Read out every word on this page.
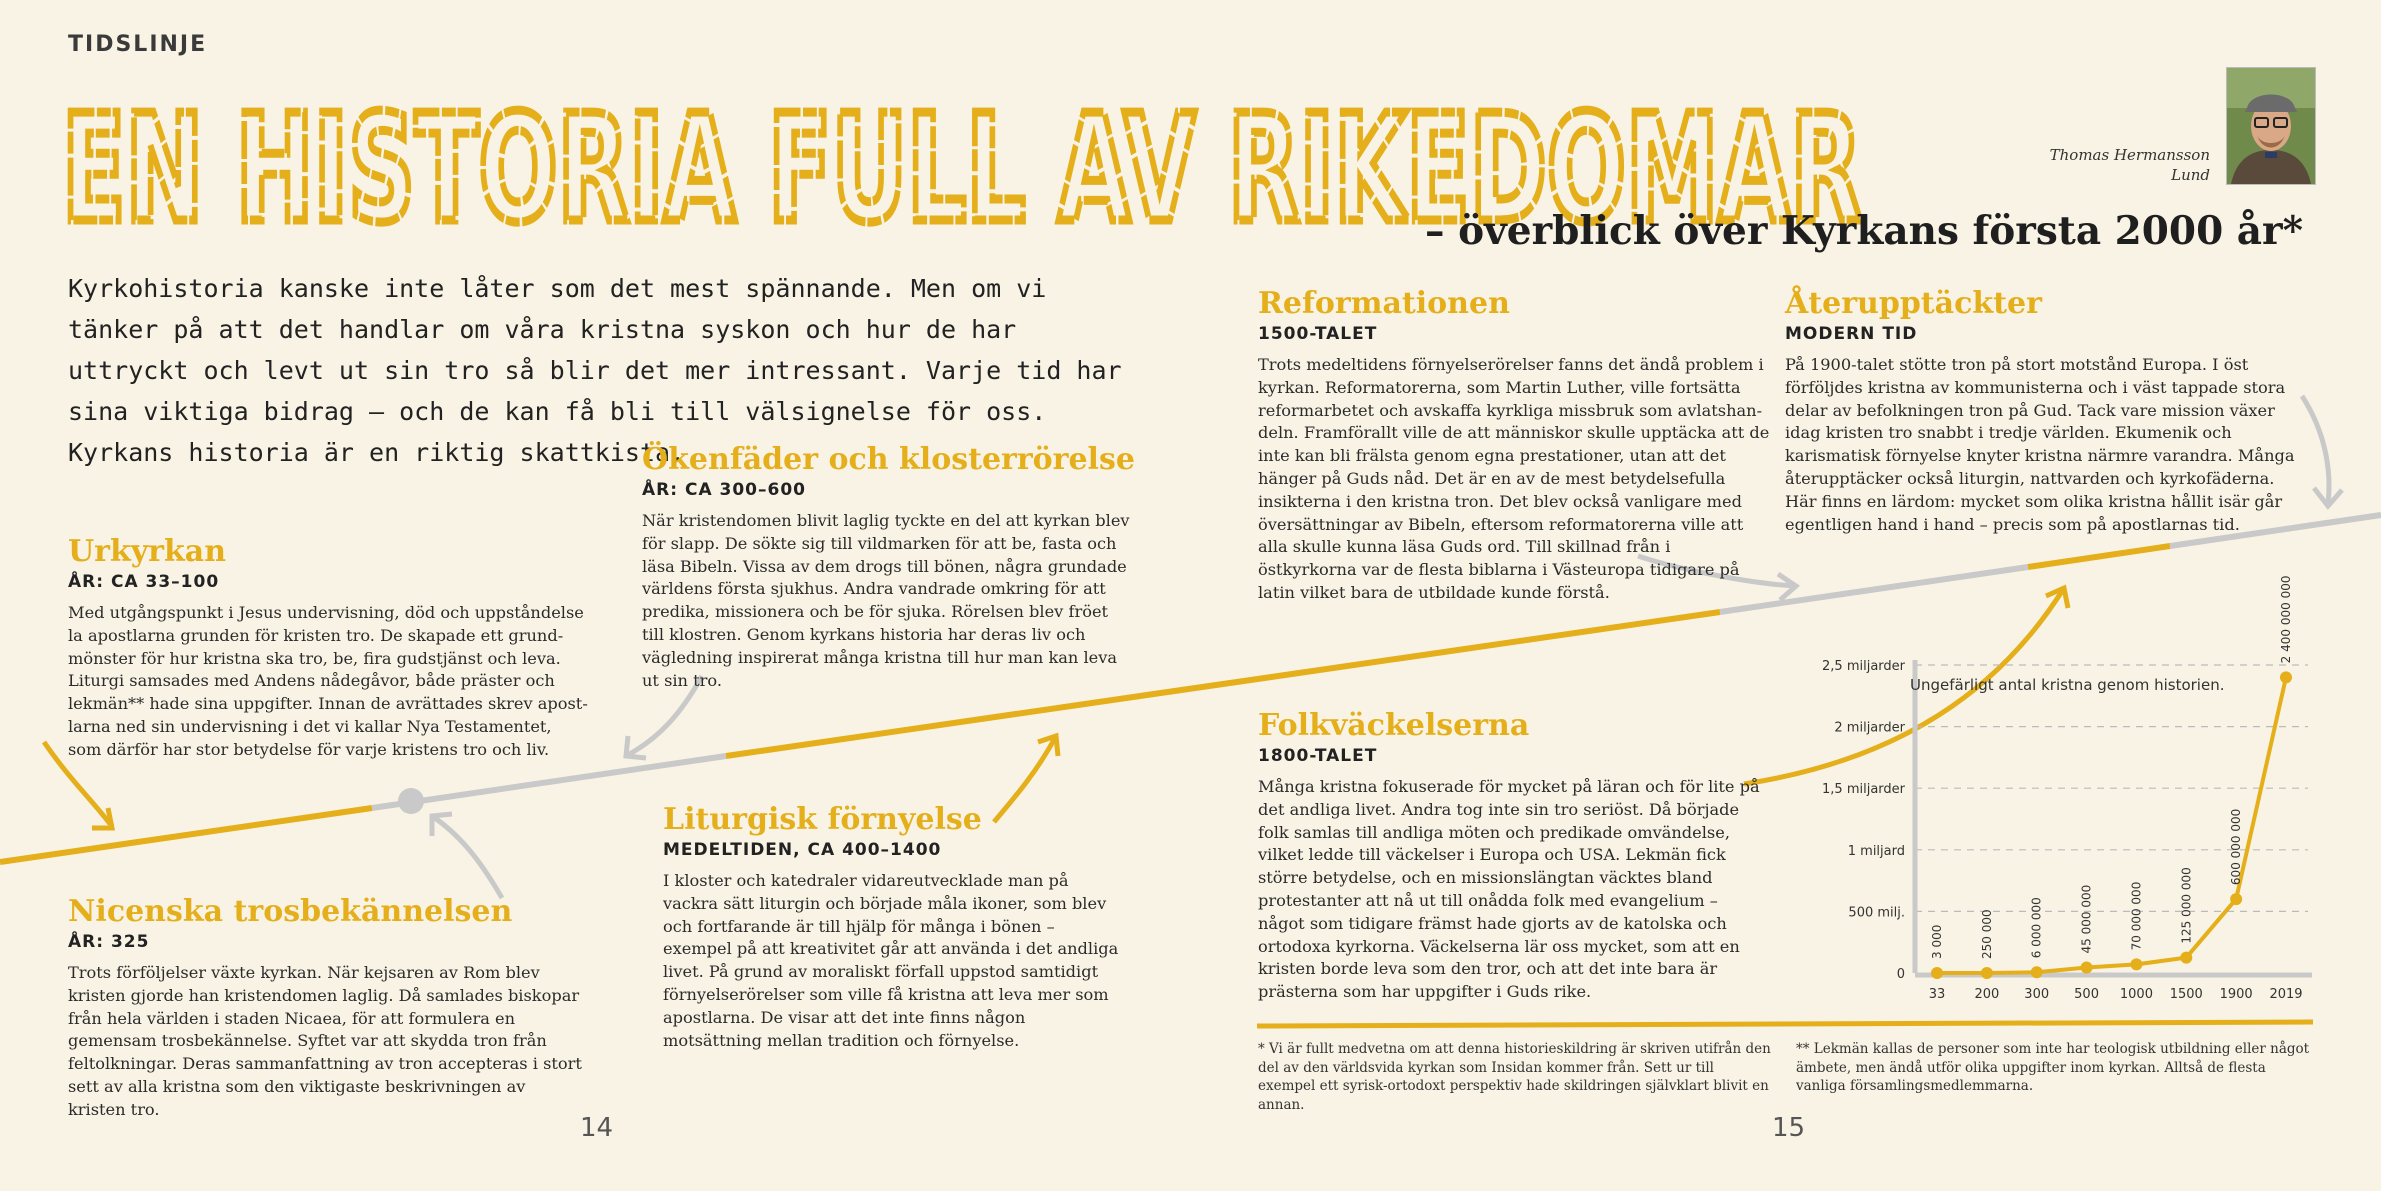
TIDSLINJE
EN HISTORIA FULL AV RIKEDOMAR
– överblick över Kyrkans första 2000 år*
Thomas Hermansson
Lund
Kyrkohistoria kanske inte låter som det mest spännande. Men om vi tänker på att det handlar om våra kristna syskon och hur de har uttryckt och levt ut sin tro så blir det mer intressant. Varje tid har sina viktiga bidrag – och de kan få bli till välsignelse för oss. Kyrkans historia är en riktig skattkista.
Urkyrkan
ÅR: CA 33–100

Med utgångspunkt i Jesus undervisning, död och uppståndelse la apostlarna grunden för kristen tro. De skapade ett grundmönster för hur kristna ska tro, be, fira gudstjänst och leva. Liturgi samsades med Andens nådegåvor, både präster och lekmän** hade sina uppgifter. Innan de avrättades skrev apostlarna ned sin undervisning i det vi kallar Nya Testamentet, som därför har stor betydelse för varje kristens tro och liv.

Nicenska trosbekännelsen
ÅR: 325

Trots förföljelser växte kyrkan. När kejsaren av Rom blev kristen gjorde han kristendomen laglig. Då samlades biskopar från hela världen i staden Nicaea, för att formulera en gemensam trosbekännelse. Syftet var att skydda tron från feltolkningar. Deras sammanfattning av tron accepteras i stort sett av alla kristna som den viktigaste beskrivningen av kristen tro.

Ökenfäder och klosterrörelse
ÅR: CA 300–600

När kristendomen blivit laglig tyckte en del att kyrkan blev för slapp. De sökte sig till vildmarken för att be, fasta och läsa Bibeln. Vissa av dem drogs till bönen, några grundade världens första sjukhus. Andra vandrade omkring för att predika, missionera och be för sjuka. Rörelsen blev fröet till klostren. Genom kyrkans historia har deras liv och vägledning inspirerat många kristna till hur man kan leva ut sin tro.

Liturgisk förnyelse
MEDELTIDEN, CA 400–1400

I kloster och katedraler vidareutvecklade man på vackra sätt liturgin och började måla ikoner, som blev och fortfarande är till hjälp för många i bönen – exempel på att kreativitet går att använda i det andliga livet. På grund av moraliskt förfall uppstod samtidigt förnyelserörelser som ville få kristna att leva mer som apostlarna. De visar att det inte finns någon motsättning mellan tradition och förnyelse.

Reformationen
1500-TALET

Trots medeltidens förnyelserörelser fanns det ändå problem i kyrkan. Reformatorerna, som Martin Luther, ville fortsätta reformarbetet och avskaffa kyrkliga missbruk som avlatshandeln. Framförallt ville de att människor skulle upptäcka att de inte kan bli frälsta genom egna prestationer, utan att det hänger på Guds nåd. Det är en av de mest betydelsefulla insikterna i den kristna tron. Det blev också vanligare med översättningar av Bibeln, eftersom reformatorerna ville att alla skulle kunna läsa Guds ord. Till skillnad från i östkyrkorna var de flesta biblarna i Västeuropa tidigare på latin vilket bara de utbildade kunde förstå.

Folkväckelserna
1800-TALET

Många kristna fokuserade för mycket på läran och för lite på det andliga livet. Andra tog inte sin tro seriöst. Då började folk samlas till andliga möten och predikade omvändelse, vilket ledde till väckelser i Europa och USA. Lekmän fick större betydelse, och en missionslängtan väcktes bland protestanter att nå ut till onådda folk med evangelium – något som tidigare främst hade gjorts av de katolska och ortodoxa kyrkorna. Väckelserna lär oss mycket, som att en kristen borde leva som den tror, och att det inte bara är prästerna som har uppgifter i Guds rike.

Återupptäckter
MODERN TID

På 1900-talet stötte tron på stort motstånd Europa. I öst förföljdes kristna av kommunisterna och i väst tappade stora delar av befolkningen tron på Gud. Tack vare mission växer idag kristen tro snabbt i tredje världen. Ekumenik och karismatisk förnyelse knyter kristna närmre varandra. Många återupptäcker också liturgin, nattvarden och kyrkofäderna. Här finns en lärdom: mycket som olika kristna hållit isär går egentligen hand i hand – precis som på apostlarnas tid.

0
500 milj.
1 miljard
1,5 miljarder
2 miljarder
2,5 miljarder
33 200 300 500 1000 1500 1900 2019
Ungefärligt antal kristna genom historien.
3 000	250 000	6 000 000	45 000 000	70 000 000	125 000 000
600 000 000
2 400 000 000
14	15
* Vi är fullt medvetna om att denna historieskildring är skriven utifrån den del av den världsvida kyrkan som Insidan kommer från. Sett ur till exempel ett syrisk-ortodoxt perspektiv hade skildringen självklart blivit en annan.
** Lekmän kallas de personer som inte har teologisk utbildning eller något ämbete, men ändå utför olika uppgifter inom kyrkan. Alltså de flesta vanliga församlingsmedlemmarna.
